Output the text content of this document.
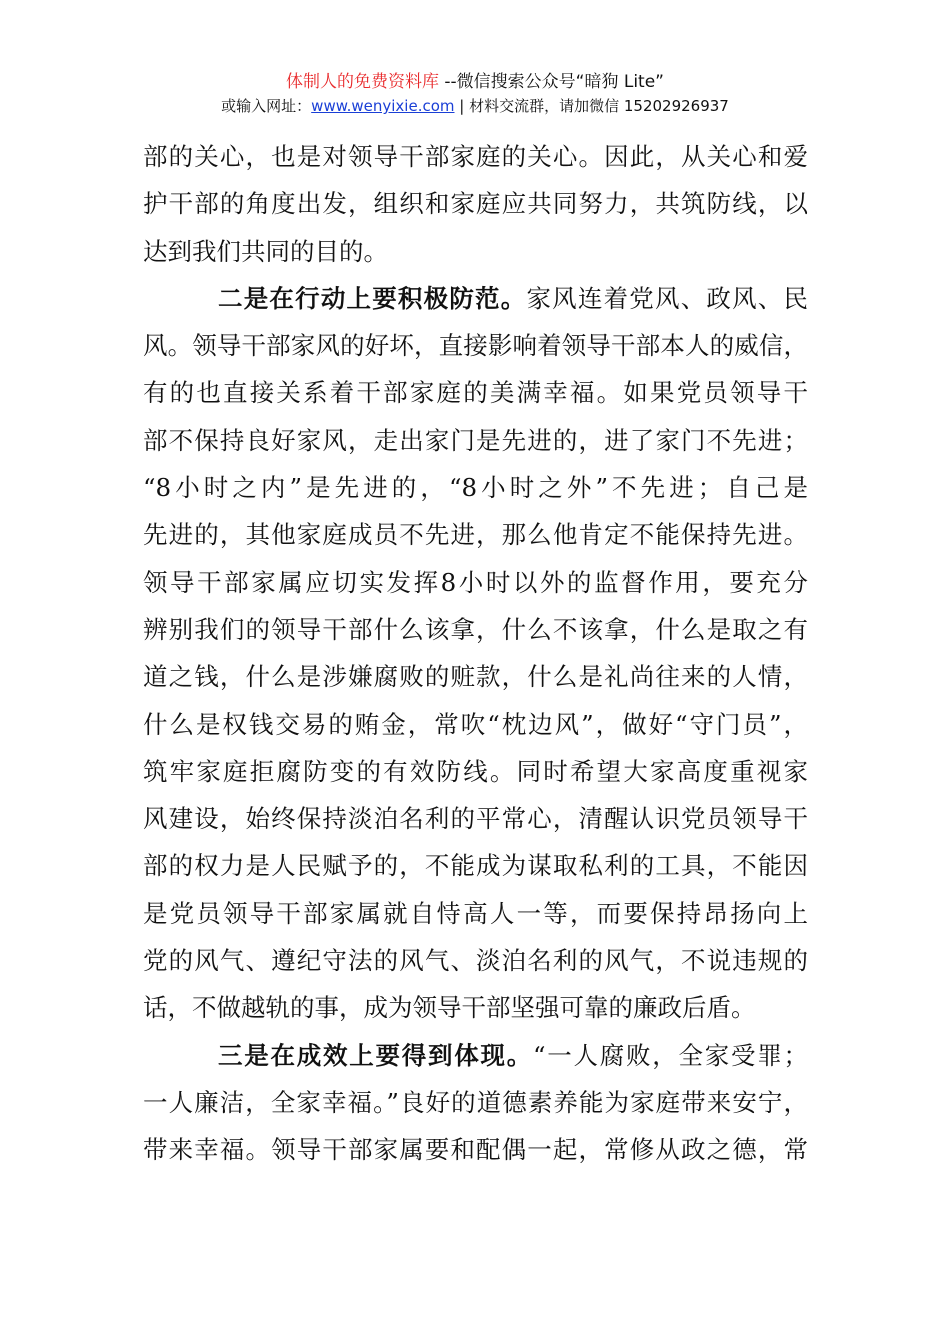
体制人的免费资料库 --微信搜索公众号“暗狗 Lite”
或输入网址：www.wenyixie.com | 材料交流群，请加微信 15202926937
部的关心，也是对领导干部家庭的关心。因此，从关心和爱
护干部的角度出发，组织和家庭应共同努力，共筑防线，以
达到我们共同的目的。
二是在行动上要积极防范。家风连着党风、政风、民
风。领导干部家风的好坏，直接影响着领导干部本人的威信，
有的也直接关系着干部家庭的美满幸福。如果党员领导干
部不保持良好家风，走出家门是先进的，进了家门不先进；
“8小时之内”是先进的，“8小时之外”不先进；自己是
先进的，其他家庭成员不先进，那么他肯定不能保持先进。
领导干部家属应切实发挥8小时以外的监督作用，要充分
辨别我们的领导干部什么该拿，什么不该拿，什么是取之有
道之钱，什么是涉嫌腐败的赃款，什么是礼尚往来的人情，
什么是权钱交易的贿金，常吹“枕边风”，做好“守门员”，
筑牢家庭拒腐防变的有效防线。同时希望大家高度重视家
风建设，始终保持淡泊名利的平常心，清醒认识党员领导干
部的权力是人民赋予的，不能成为谋取私利的工具，不能因
是党员领导干部家属就自恃高人一等，而要保持昂扬向上
党的风气、遵纪守法的风气、淡泊名利的风气，不说违规的
话，不做越轨的事，成为领导干部坚强可靠的廉政后盾。
三是在成效上要得到体现。“一人腐败，全家受罪；
一人廉洁，全家幸福。”良好的道德素养能为家庭带来安宁，
带来幸福。领导干部家属要和配偶一起，常修从政之德，常
